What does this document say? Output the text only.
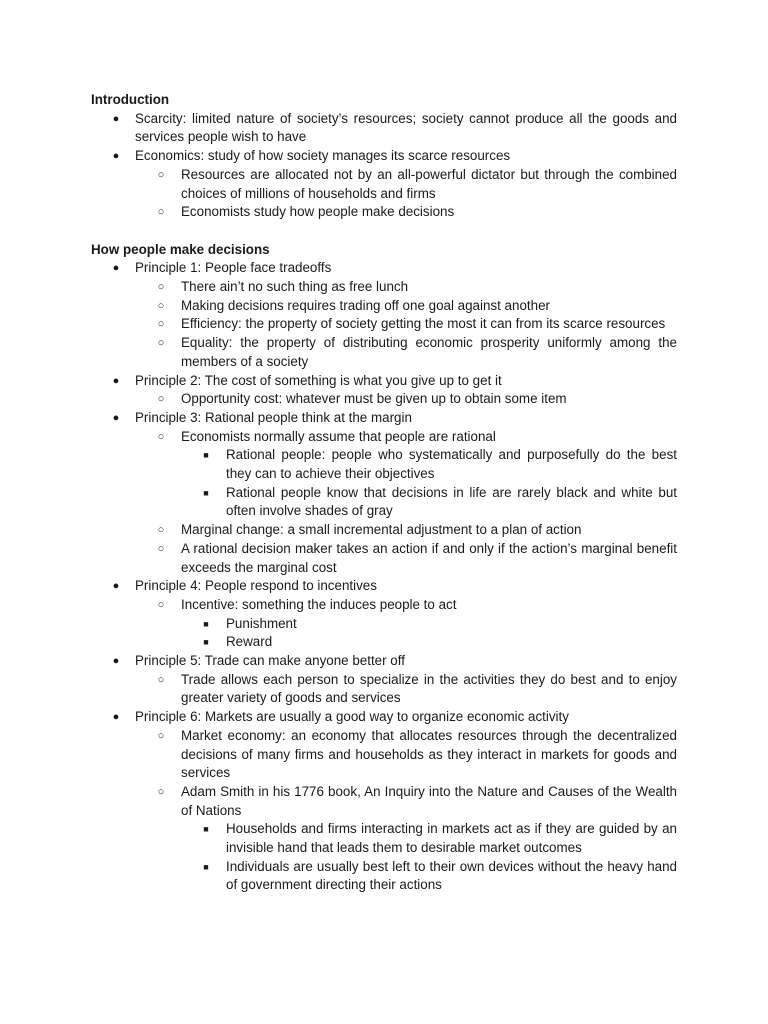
Introduction
● Scarcity: limited nature of society’s resources; society cannot produce all the goods and services people wish to have
● Economics: study of how society manages its scarce resources
○ Resources are allocated not by an all-powerful dictator but through the combined choices of millions of households and firms
○ Economists study how people make decisions
How people make decisions
● Principle 1: People face tradeoffs
○ There ain’t no such thing as free lunch
○ Making decisions requires trading off one goal against another
○ Efficiency: the property of society getting the most it can from its scarce resources
○ Equality: the property of distributing economic prosperity uniformly among the members of a society
● Principle 2: The cost of something is what you give up to get it
○ Opportunity cost: whatever must be given up to obtain some item
● Principle 3: Rational people think at the margin
○ Economists normally assume that people are rational
■	Rational people: people who systematically and purposefully do the best they can to achieve their objectives
■	Rational people know that decisions in life are rarely black and white but often involve shades of gray
○ Marginal change: a small incremental adjustment to a plan of action
○ A rational decision maker takes an action if and only if the action’s marginal benefit exceeds the marginal cost
● Principle 4: People respond to incentives
○ Incentive: something the induces people to act
■	Punishment
■	Reward
● Principle 5: Trade can make anyone better off
○ Trade allows each person to specialize in the activities they do best and to enjoy greater variety of goods and services
● Principle 6: Markets are usually a good way to organize economic activity
○ Market economy: an economy that allocates resources through the decentralized decisions of many firms and households as they interact in markets for goods and services
○ Adam Smith in his 1776 book, An Inquiry into the Nature and Causes of the Wealth of Nations
■	Households and firms interacting in markets act as if they are guided by an invisible hand that leads them to desirable market outcomes
■	Individuals are usually best left to their own devices without the heavy hand of government directing their actions
